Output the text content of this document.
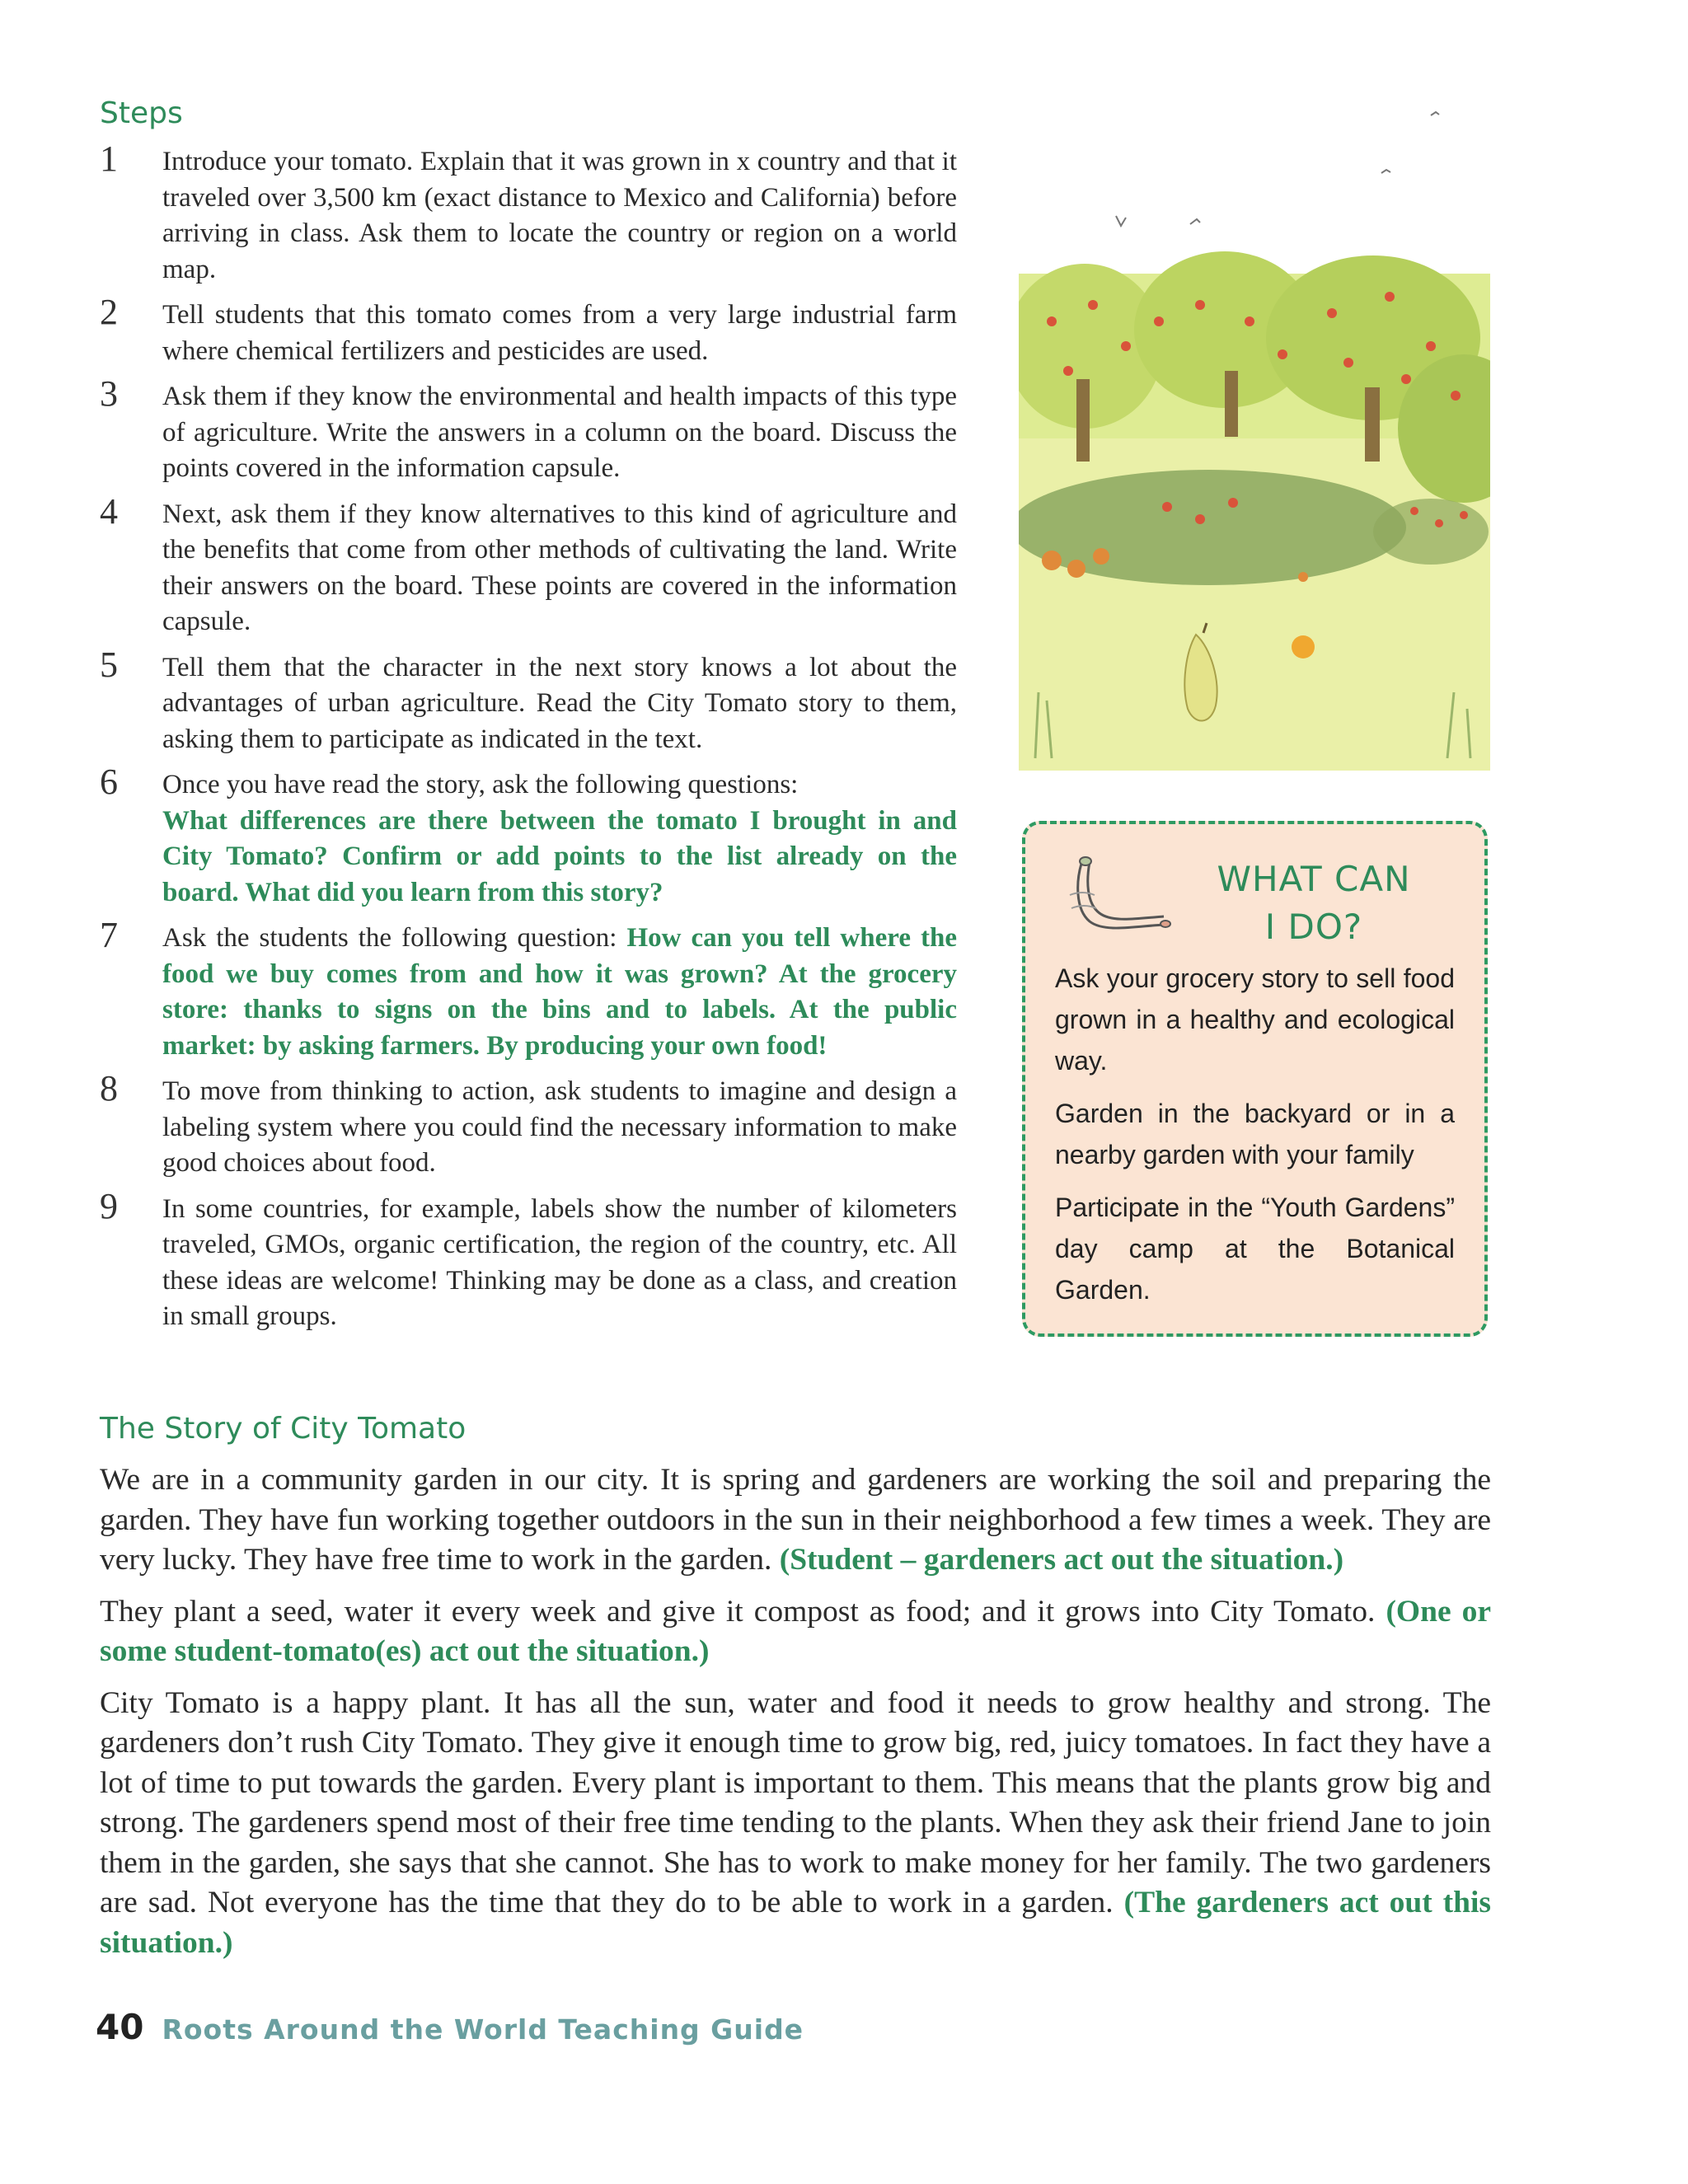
Steps
1 Introduce your tomato. Explain that it was grown in x country and that it traveled over 3,500 km (exact distance to Mexico and California) before arriving in class. Ask them to locate the country or region on a world map.
2 Tell students that this tomato comes from a very large industrial farm where chemical fertilizers and pesticides are used.
3 Ask them if they know the environmental and health impacts of this type of agriculture. Write the answers in a column on the board. Discuss the points covered in the information capsule.
4 Next, ask them if they know alternatives to this kind of agriculture and the benefits that come from other methods of cultivating the land. Write their answers on the board. These points are covered in the information capsule.
5 Tell them that the character in the next story knows a lot about the advantages of urban agriculture. Read the City Tomato story to them, asking them to participate as indicated in the text.
6 Once you have read the story, ask the following questions:
What differences are there between the tomato I brought in and City Tomato? Confirm or add points to the list already on the board. What did you learn from this story?
7 Ask the students the following question: How can you tell where the food we buy comes from and how it was grown? At the grocery store: thanks to signs on the bins and to labels. At the public market: by asking farmers. By producing your own food!
8 To move from thinking to action, ask students to imagine and design a labeling system where you could find the necessary information to make good choices about food.
9 In some countries, for example, labels show the number of kilometers traveled, GMOs, organic certification, the region of the country, etc. All these ideas are welcome! Thinking may be done as a class, and creation in small groups.
WHAT CAN
I DO?
Ask your grocery story to sell food grown in a healthy and ecological way.
Garden in the backyard or in a nearby garden with your family
Participate in the “Youth Gardens” day camp at the Botanical Garden.
The Story of City Tomato

We are in a community garden in our city. It is spring and gardeners are working the soil and preparing the garden. They have fun working together outdoors in the sun in their neighborhood a few times a week. They are very lucky. They have free time to work in the garden. (Student – gardeners act out the situation.)

They plant a seed, water it every week and give it compost as food; and it grows into City Tomato. (One or some student-tomato(es) act out the situation.)

City Tomato is a happy plant. It has all the sun, water and food it needs to grow healthy and strong. The gardeners don’t rush City Tomato. They give it enough time to grow big, red, juicy tomatoes. In fact they have a lot of time to put towards the garden. Every plant is important to them. This means that the plants grow big and strong. The gardeners spend most of their free time tending to the plants. When they ask their friend Jane to join them in the garden, she says that she cannot. She has to work to make money for her family. The two gardeners are sad. Not everyone has the time that they do to be able to work in a garden. (The gardeners act out this situation.)

40 Roots Around the World Teaching Guide
